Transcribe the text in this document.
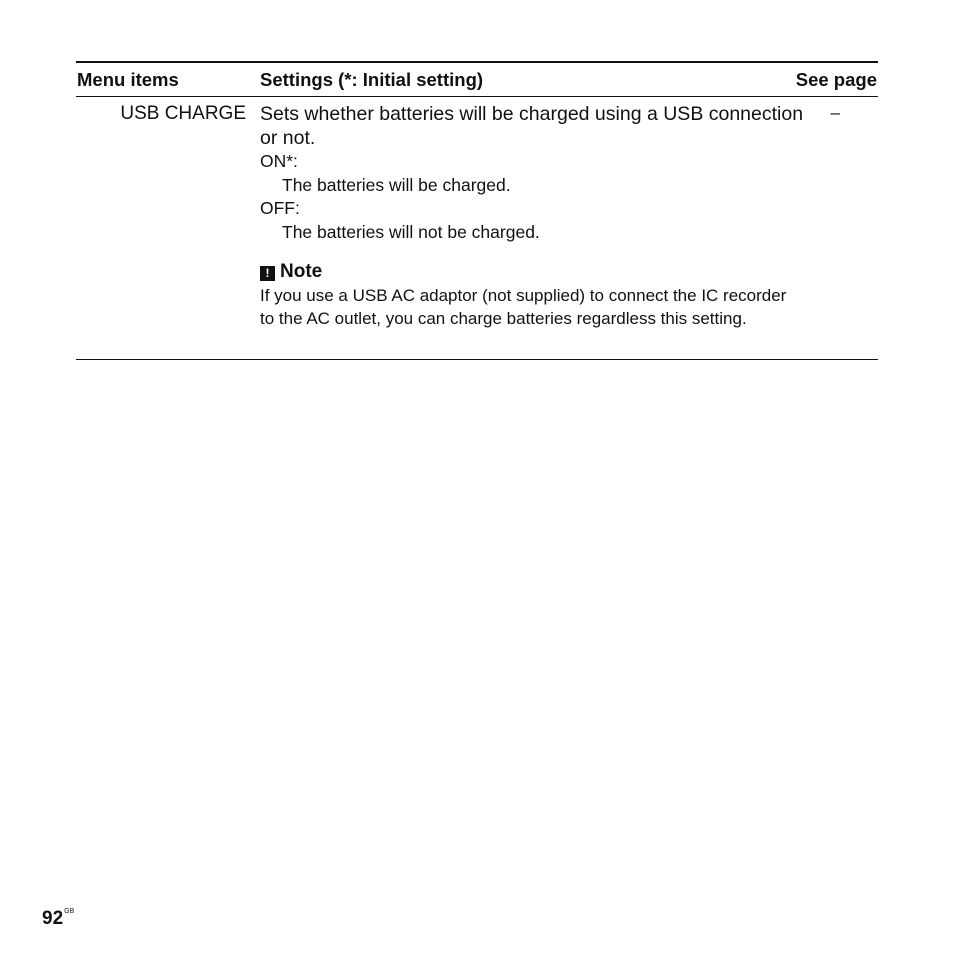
Menu items	Settings (*: Initial setting)	See page
USB CHARGE Sets whether batteries will be charged using a USB connection or not.
ON*:
The batteries will be charged.
OFF:
The batteries will not be charged.
! Note
If you use a USB AC adaptor (not supplied) to connect the IC recorder to the AC outlet, you can charge batteries regardless this setting.
–
$92^{GB}$
